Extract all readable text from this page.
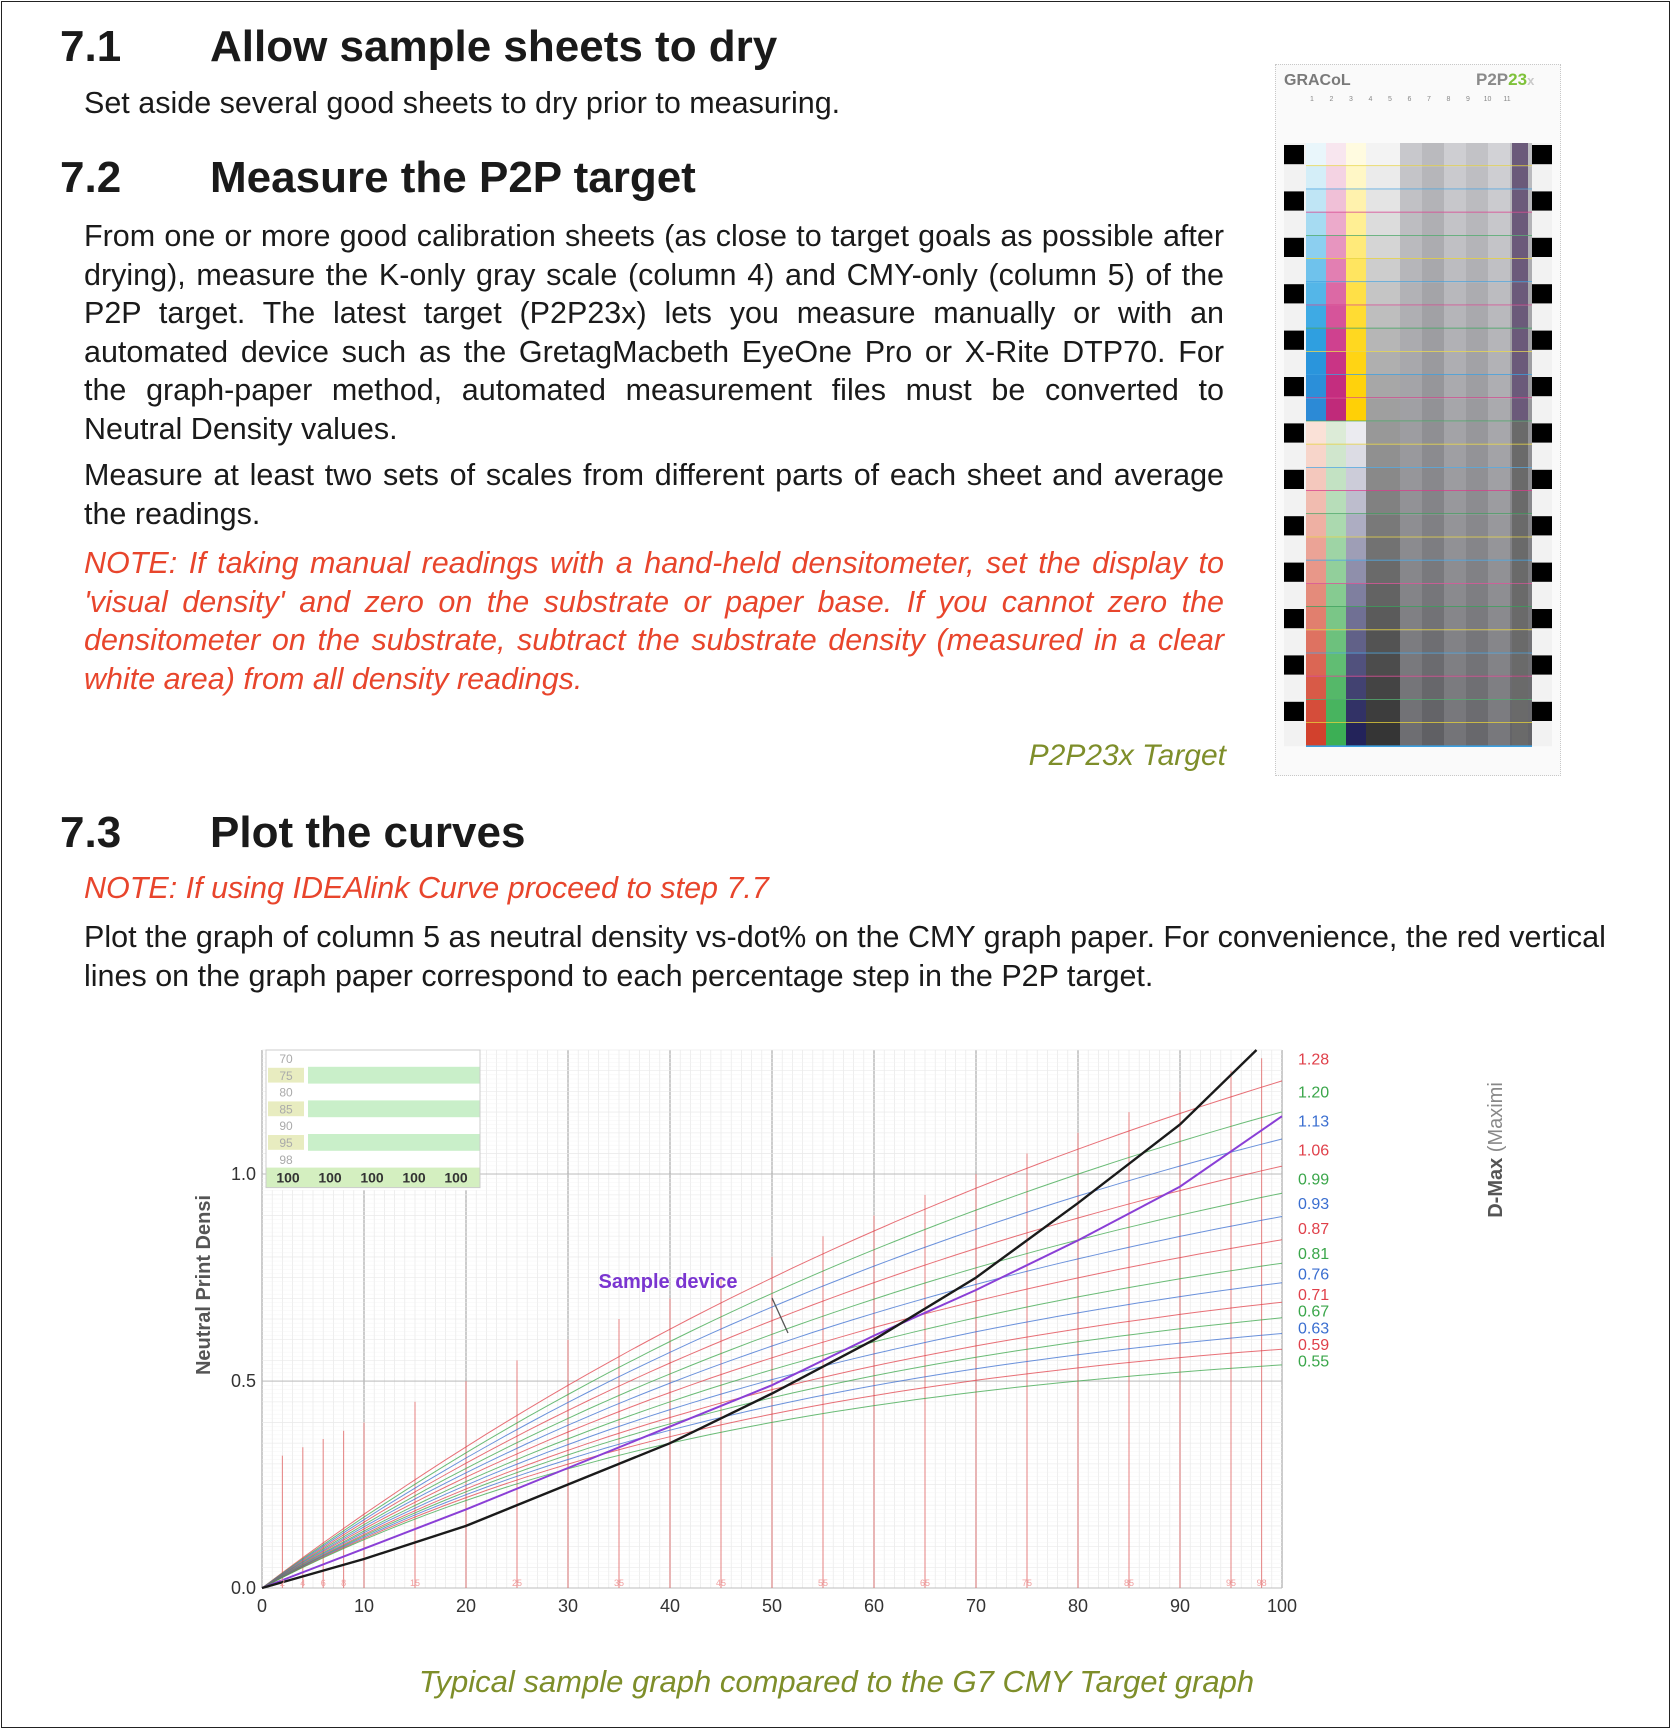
7.1 Allow sample sheets to dry
Set aside several good sheets to dry prior to measuring.
7.2 Measure the P2P target
From one or more good calibration sheets (as close to target goals as possible after drying), measure the K-only gray scale (column 4) and CMY-only (column 5) of the P2P target. The latest target (P2P23x) lets you measure manually or with an automated device such as the GretagMacbeth EyeOne Pro or X-Rite DTP70. For the graph-paper method, automated measurement files must be converted to Neutral Density values.
Measure at least two sets of scales from different parts of each sheet and average the readings.
NOTE: If taking manual readings with a hand-held densitometer, set the display to 'visual density' and zero on the substrate or paper base. If you cannot zero the densitometer on the substrate, subtract the substrate density (measured in a clear white area) from all density readings.
P2P23x Target
GRACoL	P2P23x
1 2 3 4 5 6 7 8 9 10 11
7.3 Plot the curves
NOTE: If using IDEAlink Curve proceed to step 7.7
Plot the graph of column 5 as neutral density vs-dot% on the CMY graph paper. For convenience, the red vertical lines on the graph paper correspond to each percentage step in the P2P target.
2 4 6 8	15	25	35	45	55	65	75	85	95 98
1.28
1.20
1.13
1.06
0.99
0.93
0.87
0.81
0.76
0.71
0.67
0.63
0.59
0.55
Sample device
0	10	20	30	40	50	60	70	80	90	100
0.0
0.5
1.0
Neutral Print Densi
D-Max (Maximi
70
75
80
85
90
95
98
100 100 100 100 100
Typical sample graph compared to the G7 CMY Target graph
